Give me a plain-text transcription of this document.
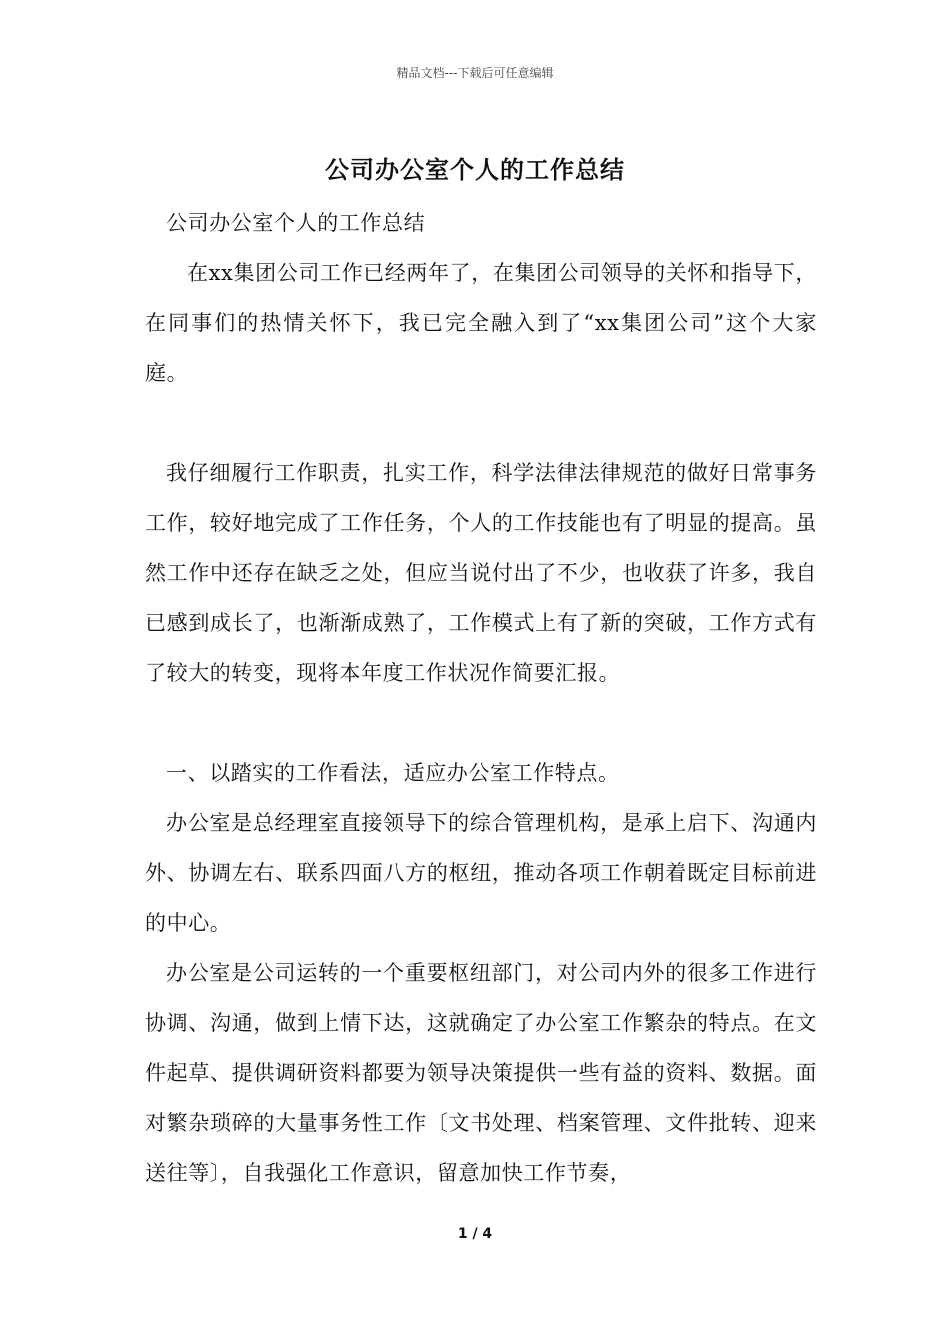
精品文档---下载后可任意编辑
公司办公室个人的工作总结

公司办公室个人的工作总结

在xx集团公司工作已经两年了，在集团公司领导的关怀和指导下，在同事们的热情关怀下，我已完全融入到了“xx集团公司”这个大家庭。

我仔细履行工作职责，扎实工作，科学法律法律规范的做好日常事务工作，较好地完成了工作任务，个人的工作技能也有了明显的提高。虽然工作中还存在缺乏之处，但应当说付出了不少，也收获了许多，我自已感到成长了，也渐渐成熟了，工作模式上有了新的突破，工作方式有了较大的转变，现将本年度工作状况作简要汇报。

一、以踏实的工作看法，适应办公室工作特点。

办公室是总经理室直接领导下的综合管理机构，是承上启下、沟通内外、协调左右、联系四面八方的枢纽，推动各项工作朝着既定目标前进的中心。

办公室是公司运转的一个重要枢纽部门，对公司内外的很多工作进行协调、沟通，做到上情下达，这就确定了办公室工作繁杂的特点。在文件起草、提供调研资料都要为领导决策提供一些有益的资料、数据。面对繁杂琐碎的大量事务性工作〔文书处理、档案管理、文件批转、迎来送往等〕，自我强化工作意识，留意加快工作节奏，

1 / 4
